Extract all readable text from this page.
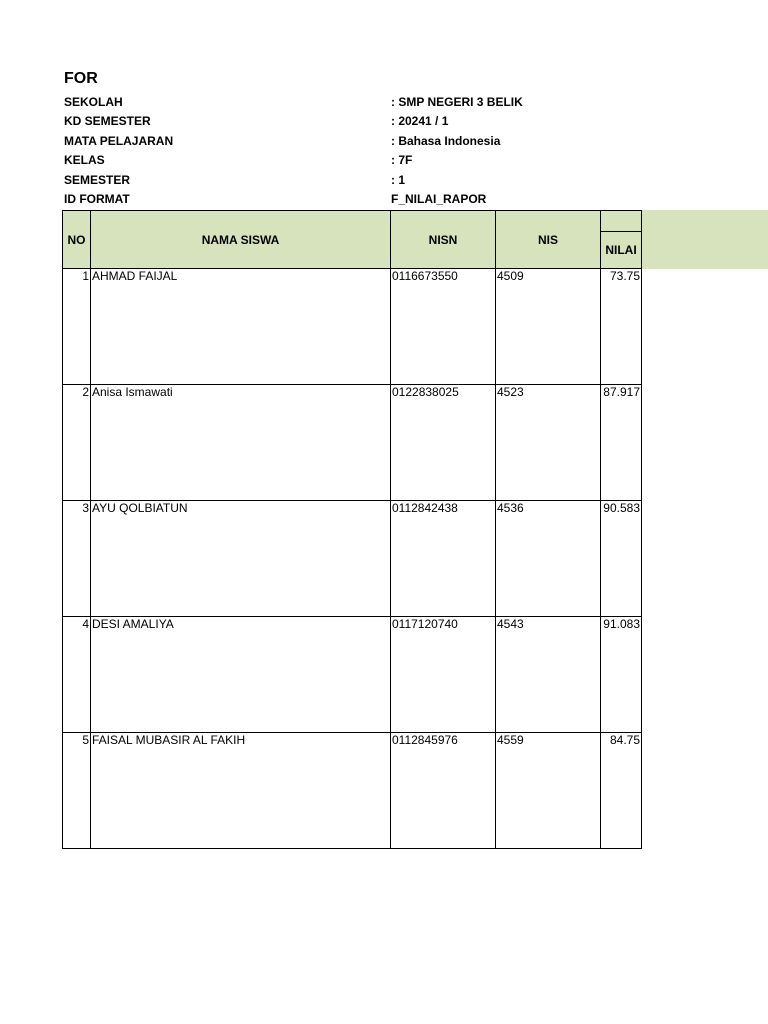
FOR
SEKOLAH	: SMP NEGERI 3 BELIK
KD SEMESTER	: 20241 / 1
MATA PELAJARAN	: Bahasa Indonesia
KELAS	: 7F
SEMESTER	: 1
ID FORMAT	F_NILAI_RAPOR
NO	NAMA SISWA	NISN	NIS	NILAI

1	AHMAD FAIJAL	0116673550	4509	73.75
2	Anisa Ismawati	0122838025	4523	87.917
3	AYU QOLBIATUN	0112842438	4536	90.583
4	DESI AMALIYA	0117120740	4543	91.083
5	FAISAL MUBASIR AL FAKIH	0112845976	4559	84.75
